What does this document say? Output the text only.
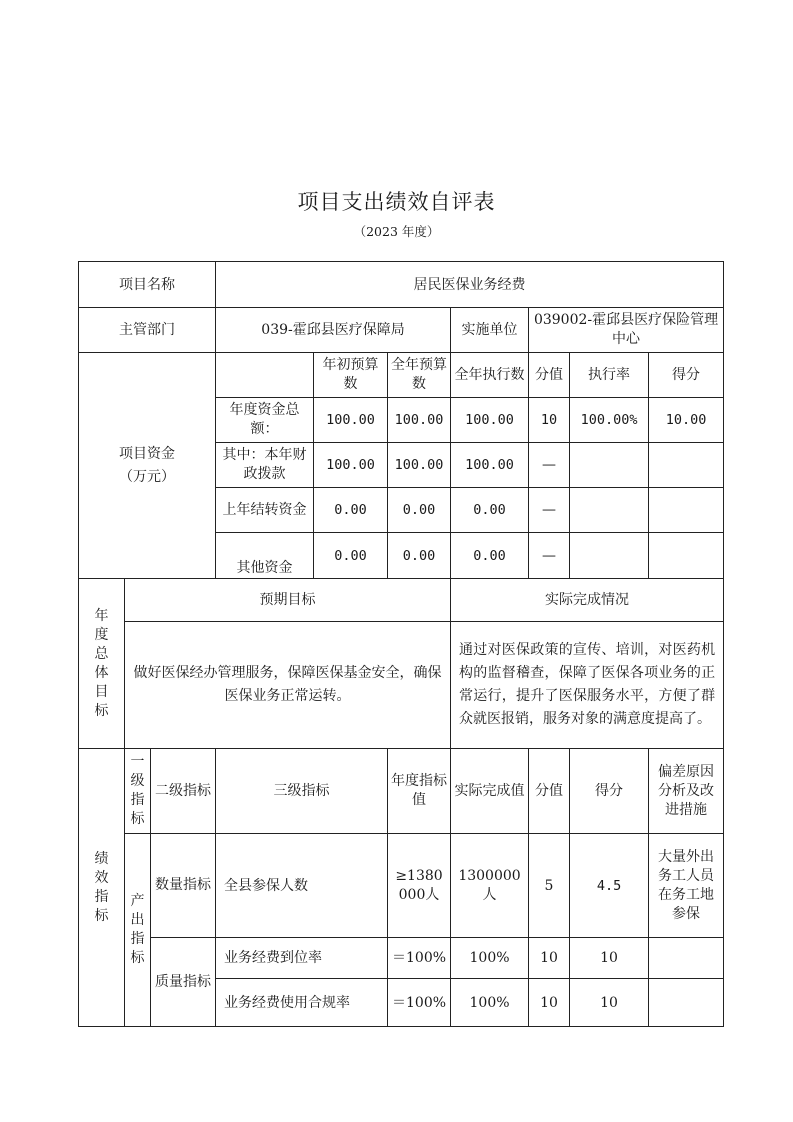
项目支出绩效自评表
（2023 年度）
项目名称			居民医保业务经费						
主管部门			039-霍邱县医疗保障局			实施单位	039002-霍邱县医疗保险管理中心		

项目资金（万元）				年初预算数	全年预算数	全年执行数	分值	执行率	得分
			年度资金总额：	100.00	100.00	100.00	10	100.00%	10.00
			其中：本年财政拨款	100.00	100.00	100.00	—		
			上年结转资金	0.00	0.00	0.00	—		
			其他资金	0.00	0.00	0.00	—		
年度总体目标	预期目标					实际完成情况			
	做好医保经办管理服务，保障医保基金安全，确保医保业务正常运转。					通过对医保政策的宣传、培训，对医药机构的监督稽查，保障了医保各项业务的正常运行，提升了医保服务水平，方便了群众就医报销，服务对象的满意度提高了。			
绩效指标	一级指标	二级指标	三级指标		年度指标值	实际完成值	分值	得分	偏差原因分析及改进措施
	产出指标	数量指标	全县参保人数		≥1380000人	1300000人	5	4.5	大量外出务工人员在务工地参保
		质量指标	业务经费到位率		＝100%	100%	10	10	
			业务经费使用合规率		＝100%	100%	10	10	
